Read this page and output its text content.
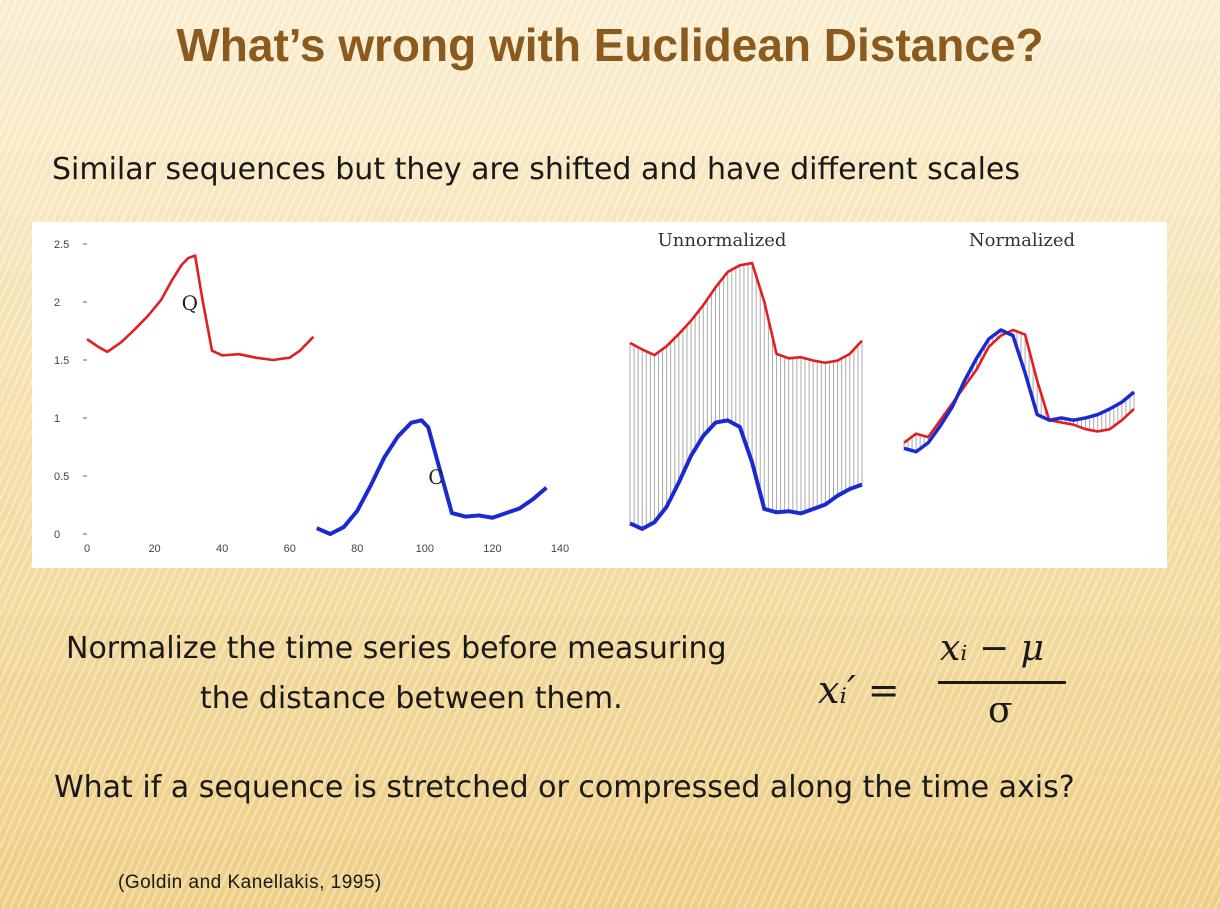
What’s wrong with Euclidean Distance?
Similar sequences but they are shifted and have different scales
0
0.5
1
1.5
2
2.5
0	20	40	60	80	100	120	140
Q
C
Unnormalized	Normalized
Normalize the time series before measuring
the distance between them.	xᵢ′ =
xᵢ − μ
σ
What if a sequence is stretched or compressed along the time axis?
(Goldin and Kanellakis, 1995)
